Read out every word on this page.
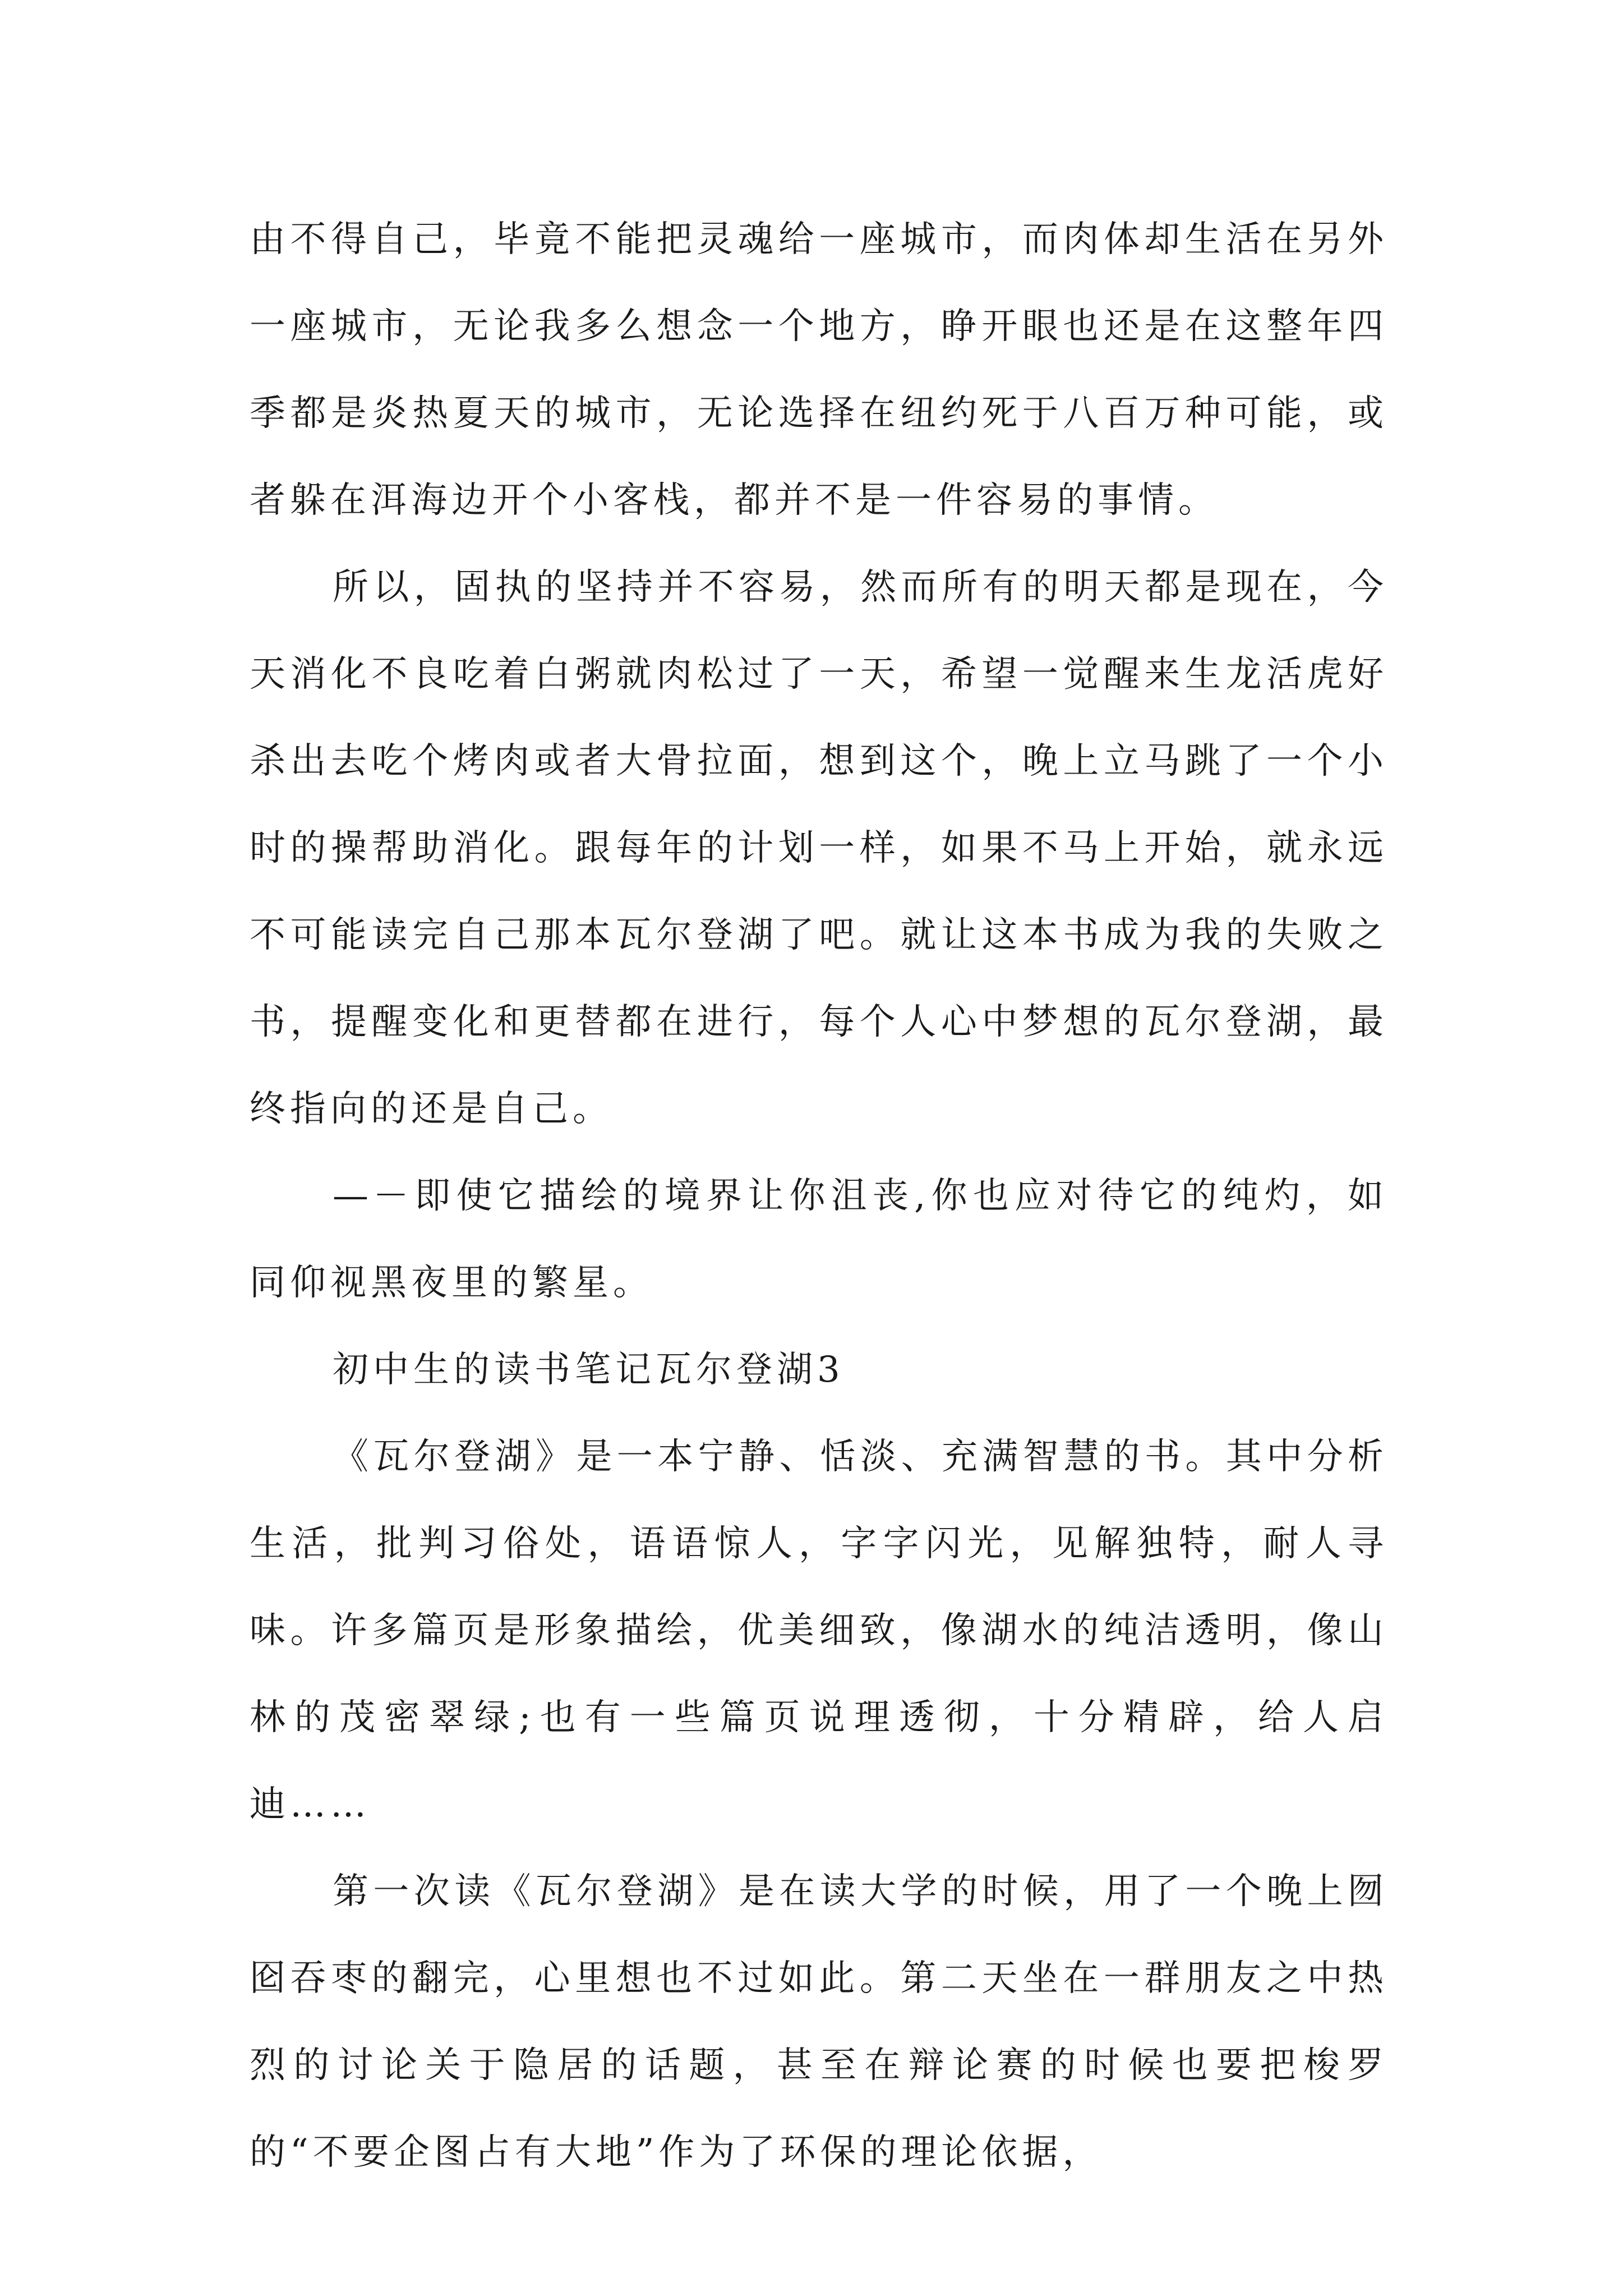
由不得自己，毕竟不能把灵魂给一座城市，而肉体却生活在另外一座城市，无论我多么想念一个地方，睁开眼也还是在这整年四季都是炎热夏天的城市，无论选择在纽约死于八百万种可能，或者躲在洱海边开个小客栈，都并不是一件容易的事情。

所以，固执的坚持并不容易，然而所有的明天都是现在，今天消化不良吃着白粥就肉松过了一天，希望一觉醒来生龙活虎好杀出去吃个烤肉或者大骨拉面，想到这个，晚上立马跳了一个小时的操帮助消化。跟每年的计划一样，如果不马上开始，就永远不可能读完自己那本瓦尔登湖了吧。就让这本书成为我的失败之书，提醒变化和更替都在进行，每个人心中梦想的瓦尔登湖，最终指向的还是自己。

—－即使它描绘的境界让你沮丧,你也应对待它的纯灼，如同仰视黑夜里的繁星。

初中生的读书笔记瓦尔登湖3

《瓦尔登湖》是一本宁静、恬淡、充满智慧的书。其中分析生活，批判习俗处，语语惊人，字字闪光，见解独特，耐人寻味。许多篇页是形象描绘，优美细致，像湖水的纯洁透明，像山林的茂密翠绿;也有一些篇页说理透彻，十分精辟，给人启迪……

第一次读《瓦尔登湖》是在读大学的时候，用了一个晚上囫囵吞枣的翻完，心里想也不过如此。第二天坐在一群朋友之中热烈的讨论关于隐居的话题，甚至在辩论赛的时候也要把梭罗的“不要企图占有大地”作为了环保的理论依据，
